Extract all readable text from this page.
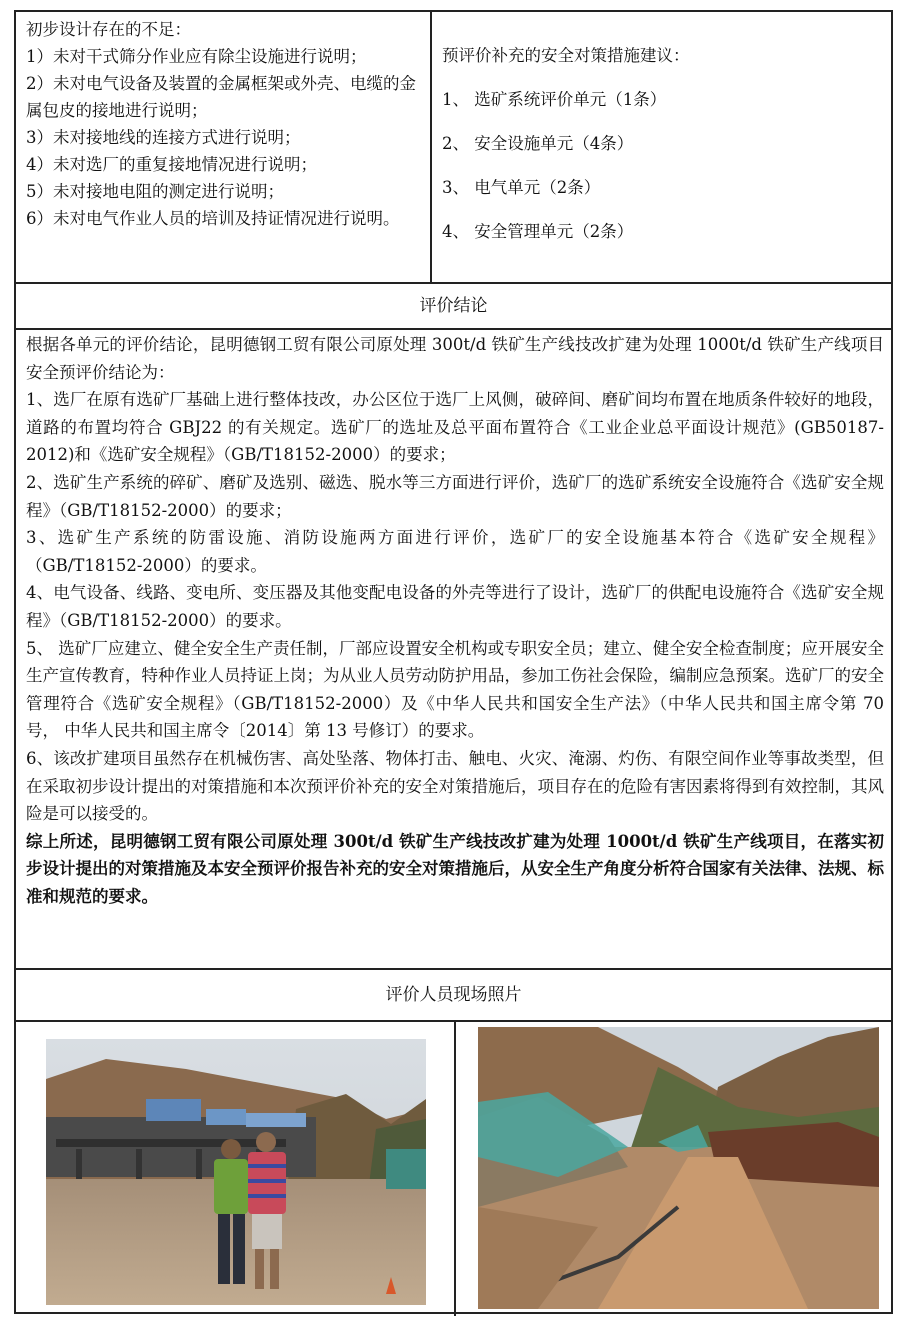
初步设计存在的不足：

1）未对干式筛分作业应有除尘设施进行说明；

2）未对电气设备及装置的金属框架或外壳、电缆的金属包皮的接地进行说明；

3）未对接地线的连接方式进行说明；

4）未对选厂的重复接地情况进行说明；

5）未对接地电阻的测定进行说明；

6）未对电气作业人员的培训及持证情况进行说明。

预评价补充的安全对策措施建议：

1、 选矿系统评价单元（1条）

2、 安全设施单元（4条）

3、 电气单元（2条）

4、 安全管理单元（2条）

评价结论

根据各单元的评价结论，昆明德钢工贸有限公司原处理 300t/d 铁矿生产线技改扩建为处理 1000t/d 铁矿生产线项目安全预评价结论为：

1、选厂在原有选矿厂基础上进行整体技改，办公区位于选厂上风侧，破碎间、磨矿间均布置在地质条件较好的地段，道路的布置均符合 GBJ22 的有关规定。选矿厂的选址及总平面布置符合《工业企业总平面设计规范》(GB50187-2012)和《选矿安全规程》（GB/T18152-2000）的要求；

2、选矿生产系统的碎矿、磨矿及选别、磁选、脱水等三方面进行评价，选矿厂的选矿系统安全设施符合《选矿安全规程》（GB/T18152-2000）的要求；

3、选矿生产系统的防雷设施、消防设施两方面进行评价，选矿厂的安全设施基本符合《选矿安全规程》（GB/T18152-2000）的要求。

4、电气设备、线路、变电所、变压器及其他变配电设备的外壳等进行了设计，选矿厂的供配电设施符合《选矿安全规程》（GB/T18152-2000）的要求。

5、 选矿厂应建立、健全安全生产责任制，厂部应设置安全机构或专职安全员；建立、健全安全检查制度；应开展安全生产宣传教育，特种作业人员持证上岗；为从业人员劳动防护用品，参加工伤社会保险，编制应急预案。选矿厂的安全管理符合《选矿安全规程》（GB/T18152-2000）及《中华人民共和国安全生产法》（中华人民共和国主席令第 70 号， 中华人民共和国主席令〔2014〕第 13 号修订）的要求。

6、该改扩建项目虽然存在机械伤害、高处坠落、物体打击、触电、火灾、淹溺、灼伤、有限空间作业等事故类型，但在采取初步设计提出的对策措施和本次预评价补充的安全对策措施后，项目存在的危险有害因素将得到有效控制，其风险是可以接受的。

综上所述，昆明德钢工贸有限公司原处理 300t/d 铁矿生产线技改扩建为处理 1000t/d 铁矿生产线项目，在落实初步设计提出的对策措施及本安全预评价报告补充的安全对策措施后，从安全生产角度分析符合国家有关法律、法规、标准和规范的要求。

评价人员现场照片
